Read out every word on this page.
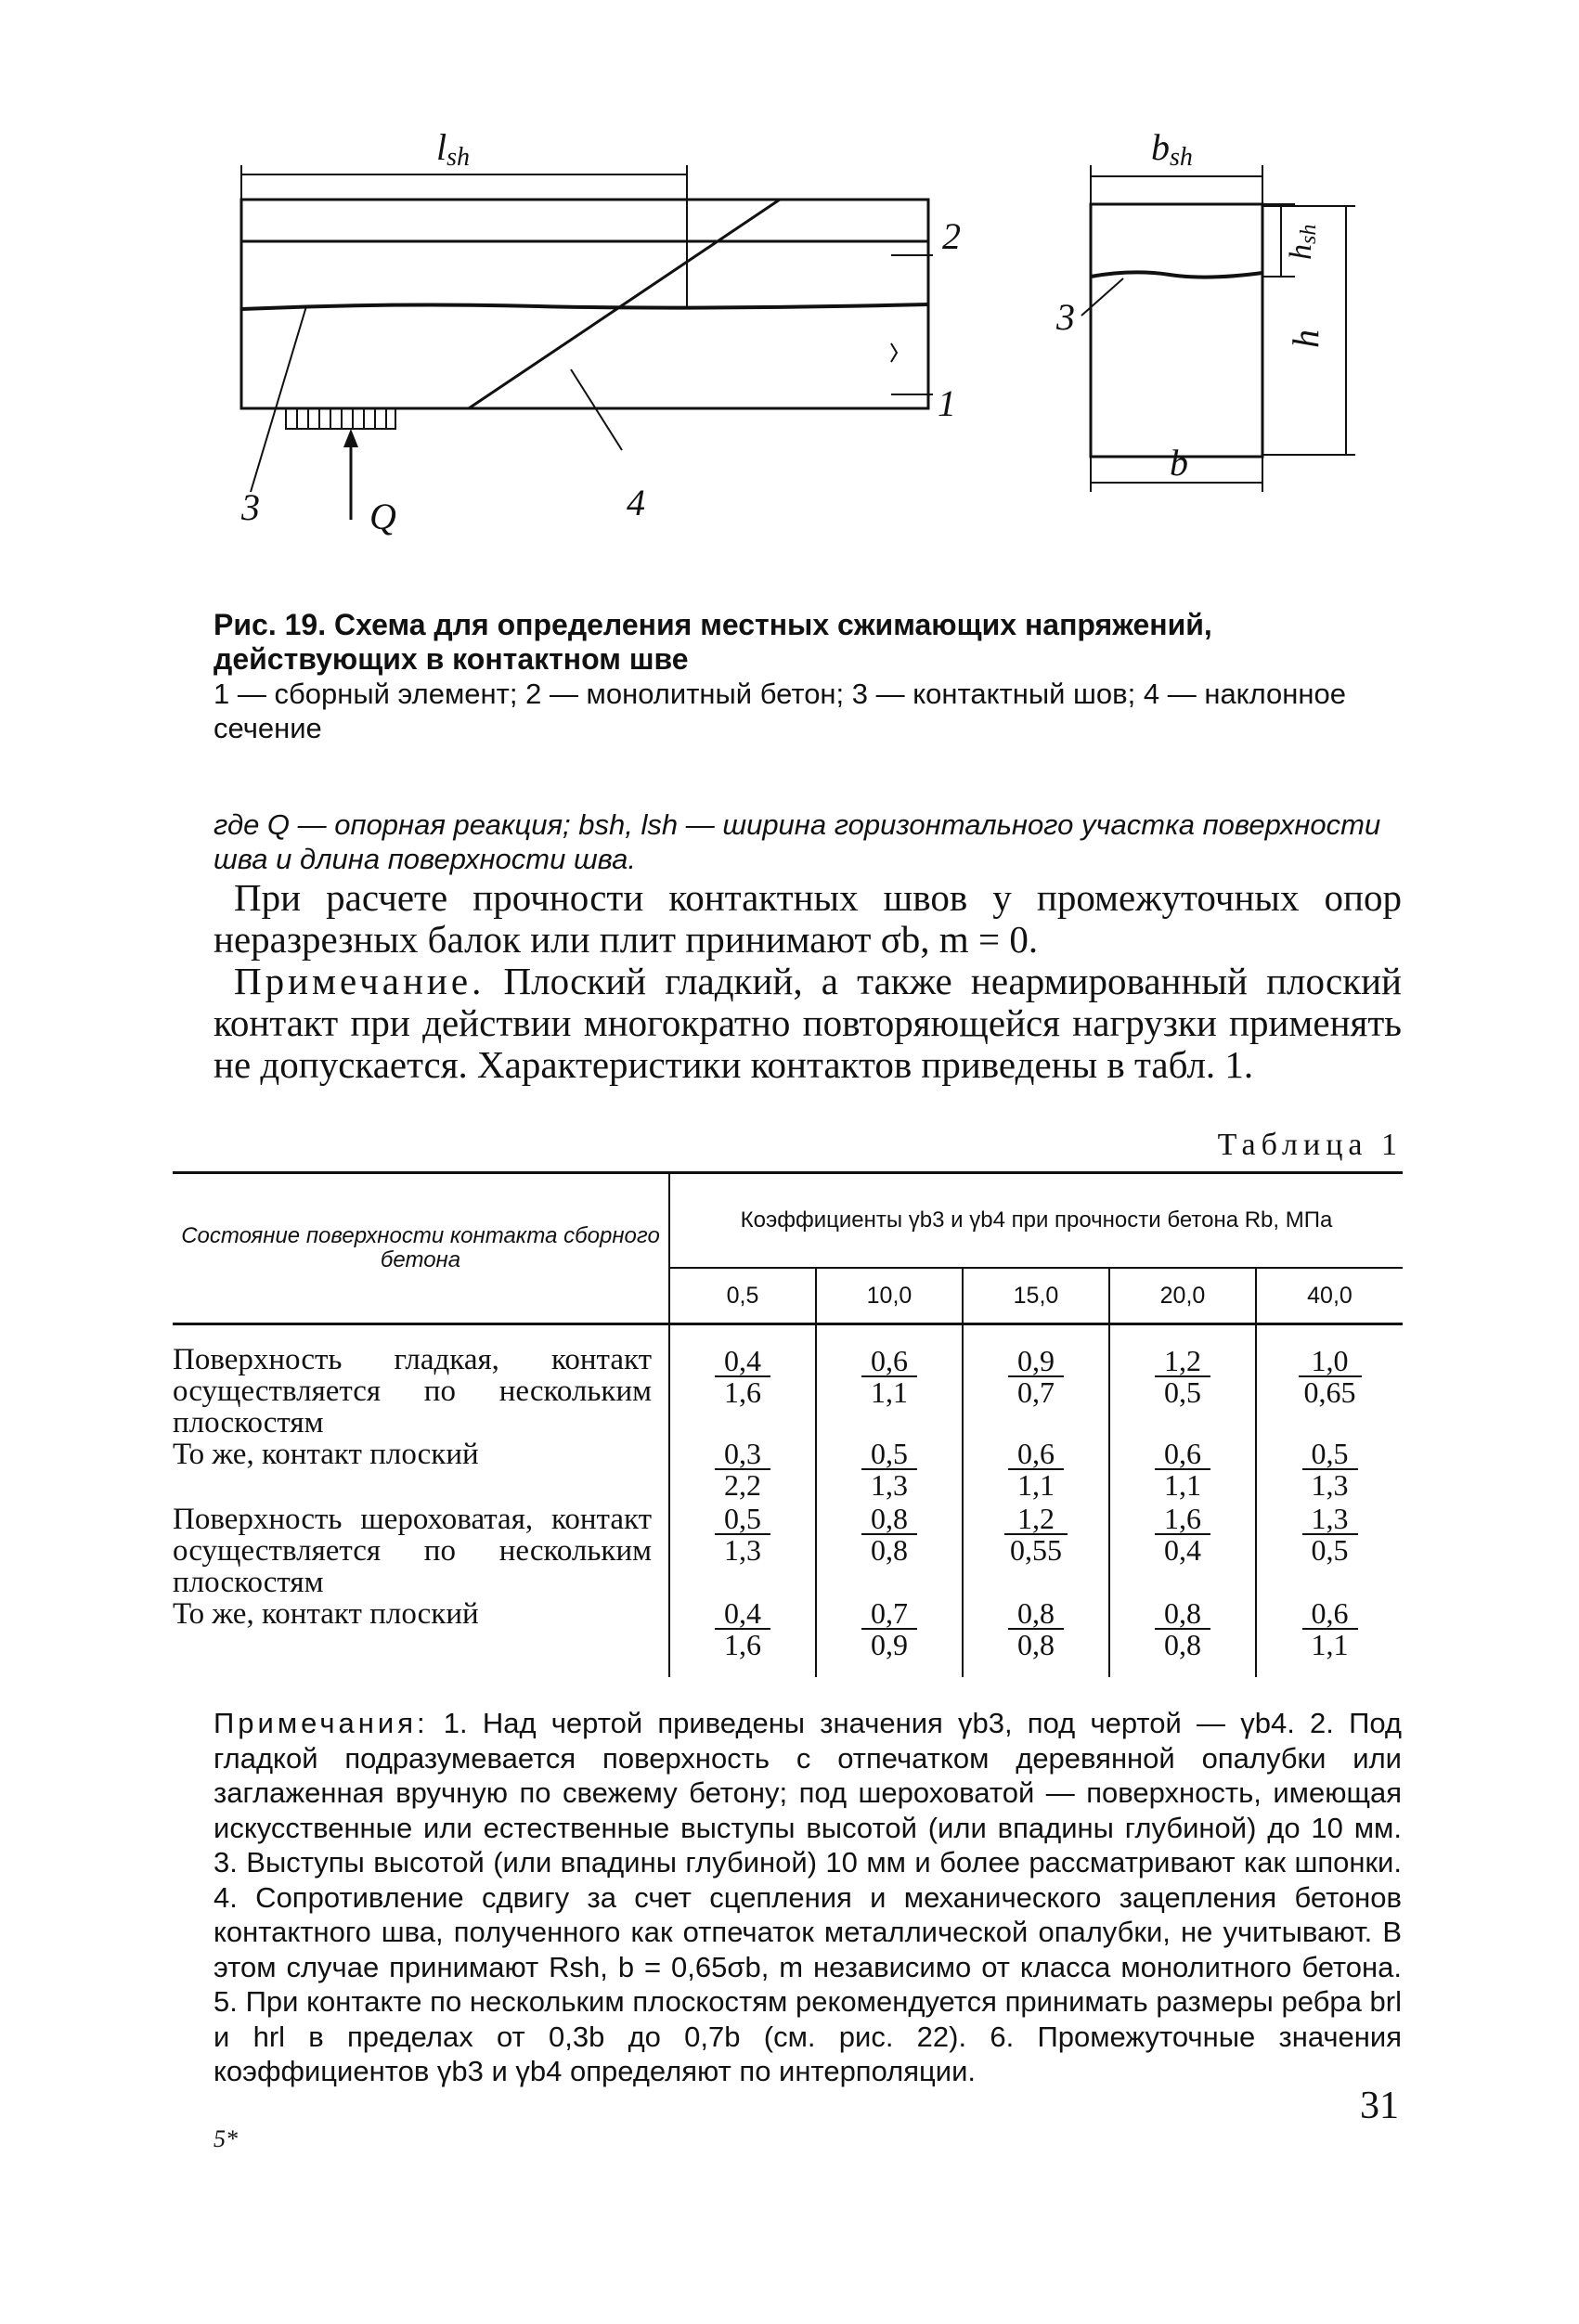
lsh	bsh
hsh
h
b
Q
2
1
3
3
4
Рис. 19. Схема для определения местных сжимающих напряжений, действующих в контактном шве
1 — сборный элемент; 2 — монолитный бетон; 3 — контактный шов; 4 — наклонное сечение
где Q — опорная реакция; bsh, lsh — ширина горизонтального участка поверхности шва и длина поверхности шва.
При расчете прочности контактных швов у промежуточных опор неразрезных балок или плит принимают σb, m = 0.
Примечание. Плоский гладкий, а также неармированный плоский контакт при действии многократно повторяющейся нагрузки применять не допускается. Характеристики контактов приведены в табл. 1.
Таблица 1
Состояние поверхности контакта сборного бетона	Коэффициенты γb3 и γb4 при прочности бетона Rb, МПа				
	0,5	10,0	15,0	20,0	40,0
Поверхность гладкая, контакт осуществляется по нескольким плоскостям	$\frac{0,4}{1,6}$	$\frac{0,6}{1,1}$	$\frac{0,9}{0,7}$	$\frac{1,2}{0,5}$	$\frac{1,0}{0,65}$

То же, контакт плоский	$\frac{0,3}{2,2}$	$\frac{0,5}{1,3}$	$\frac{0,6}{1,1}$	$\frac{0,6}{1,1}$	$\frac{0,5}{1,3}$

Поверхность шероховатая, контакт осуществляется по нескольким плоскостям	$\frac{0,5}{1,3}$	$\frac{0,8}{0,8}$	$\frac{1,2}{0,55}$	$\frac{1,6}{0,4}$	$\frac{1,3}{0,5}$

То же, контакт плоский	$\frac{0,4}{1,6}$	$\frac{0,7}{0,9}$	$\frac{0,8}{0,8}$	$\frac{0,8}{0,8}$	$\frac{0,6}{1,1}$
Примечания: 1. Над чертой приведены значения γb3, под чертой — γb4. 2. Под гладкой подразумевается поверхность с отпечатком деревянной опалубки или заглаженная вручную по свежему бетону; под шероховатой — поверхность, имеющая искусственные или естественные выступы высотой (или впадины глубиной) до 10 мм. 3. Выступы высотой (или впадины глубиной) 10 мм и более рассматривают как шпонки. 4. Сопротивление сдвигу за счет сцепления и механического зацепления бетонов контактного шва, полученного как отпечаток металлической опалубки, не учитывают. В этом случае принимают Rsh, b = 0,65σb, m независимо от класса монолитного бетона. 5. При контакте по нескольким плоскостям рекомендуется принимать размеры ребра brl и hrl в пределах от 0,3b до 0,7b (см. рис. 22). 6. Промежуточные значения коэффициентов γb3 и γb4 определяют по интерполяции.
31
5*
